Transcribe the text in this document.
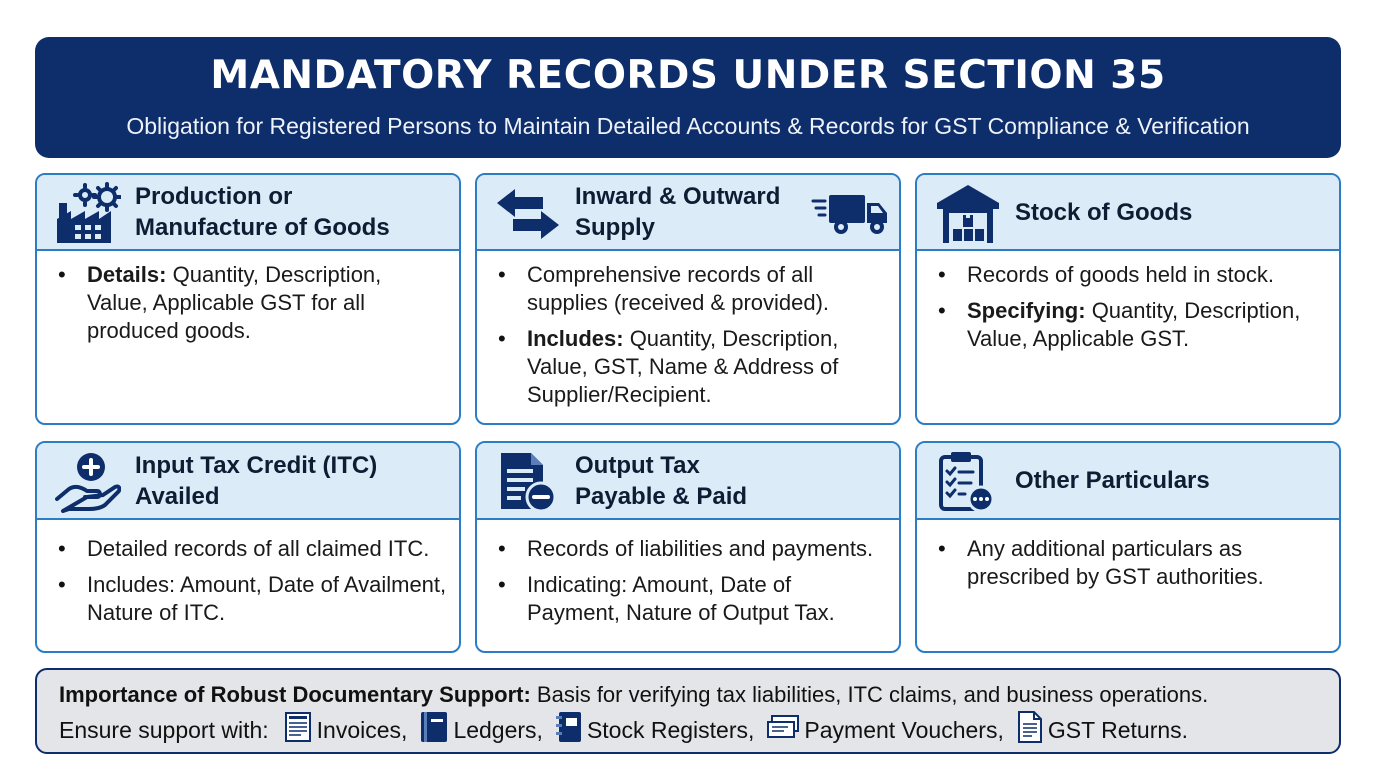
MANDATORY RECORDS UNDER SECTION 35
Obligation for Registered Persons to Maintain Detailed Accounts & Records for GST Compliance & Verification
Production or
Manufacture of Goods
• Details: Quantity, Description, Value, Applicable GST for all produced goods.
Inward & Outward
Supply
• Comprehensive records of all supplies (received & provided).
• Includes: Quantity, Description, Value, GST, Name & Address of Supplier/Recipient.
Stock of Goods
• Records of goods held in stock.
• Specifying: Quantity, Description, Value, Applicable GST.
Input Tax Credit (ITC)
Availed
• Detailed records of all claimed ITC.
• Includes: Amount, Date of Availment, Nature of ITC.
Output Tax
Payable & Paid
• Records of liabilities and payments.
• Indicating: Amount, Date of Payment, Nature of Output Tax.
Other Particulars
• Any additional particulars as prescribed by GST authorities.
Importance of Robust Documentary Support: Basis for verifying tax liabilities, ITC claims, and business operations.
Ensure support with: Invoices, Ledgers, Stock Registers, Payment Vouchers, GST Returns.
